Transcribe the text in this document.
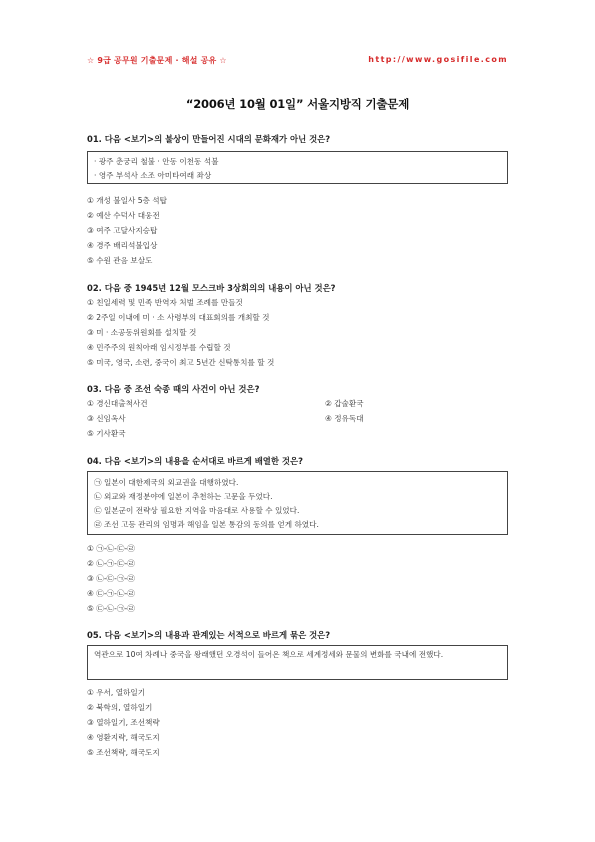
☆ 9급 공무원 기출문제 · 해설 공유 ☆	http://www.gosifile.com
“2006년 10월 01일” 서울지방직 기출문제
01. 다음 <보기>의 불상이 만들어진 시대의 문화재가 아닌 것은?
· 광주 춘궁리 철불 · 안동 이천동 석불
· 영주 부석사 소조 아미타여래 좌상
① 개성 불일사 5층 석탑
② 예산 수덕사 대웅전
③ 여주 고달사지승탑
④ 경주 배리석불입상
⑤ 수원 관음 보살도
02. 다음 중 1945년 12월 모스크바 3상회의의 내용이 아닌 것은?
① 친일세력 및 민족 반역자 처벌 조례를 만들것
② 2주일 이내에 미 · 소 사령부의 대표회의를 개최할 것
③ 미 · 소공동위원회를 설치할 것
④ 민주주의 원칙아래 임시정부를 수립할 것
⑤ 미국, 영국, 소련, 중국이 최고 5년간 신탁통치를 할 것
03. 다음 중 조선 숙종 때의 사건이 아닌 것은?
① 경신대출척사건	② 갑술환국
③ 신임옥사	④ 정유독대
⑤ 기사환국
04. 다음 <보기>의 내용을 순서대로 바르게 배열한 것은?
㉠ 일본이 대한제국의 외교권을 대행하였다.
㉡ 외교와 재정분야에 일본이 추천하는 고문을 두었다.
㉢ 일본군이 전략상 필요한 지역을 마음대로 사용할 수 있었다.
㉣ 조선 고등 관리의 임명과 해임을 일본 통감의 동의를 얻게 하였다.
① ㉠-㉡-㉢-㉣
② ㉡-㉠-㉢-㉣
③ ㉡-㉢-㉠-㉣
④ ㉢-㉠-㉡-㉣
⑤ ㉢-㉡-㉠-㉣
05. 다음 <보기>의 내용과 관계있는 서적으로 바르게 묶은 것은?
역관으로 10여 차례나 중국을 왕래했던 오경석이 들어온 책으로 세계정세와 문물의 변화를 국내에 전했다.
① 우서, 열하일기
② 북학의, 열하일기
③ 열하일기, 조선책략
④ 영환지략, 해국도지
⑤ 조선책략, 해국도지
